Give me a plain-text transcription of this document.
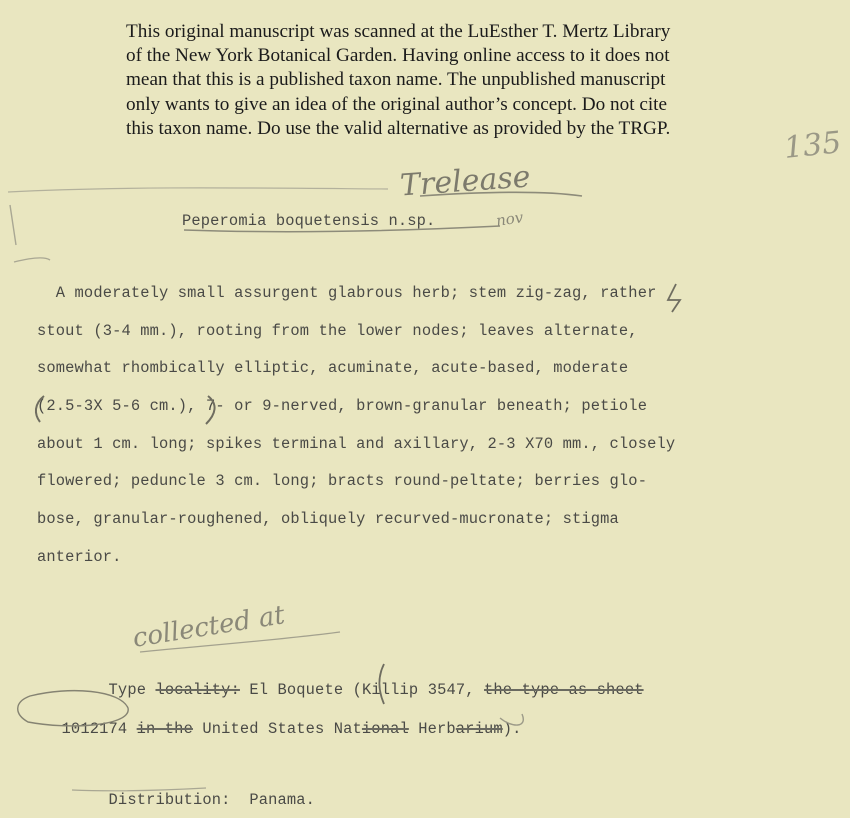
This original manuscript was scanned at the LuEsther T. Mertz Library
of the New York Botanical Garden. Having online access to it does not
mean that this is a published taxon name. The unpublished manuscript
only wants to give an idea of the original author’s concept. Do not cite
this taxon name. Do use the valid alternative as provided by the TRGP.	135
Trelease
nov
Peperomia boquetensis n.sp.
A moderately small assurgent glabrous herb; stem zig-zag, rather
stout (3-4 mm.), rooting from the lower nodes; leaves alternate,
somewhat rhombically elliptic, acuminate, acute-based, moderate
(2.5-3X 5-6 cm.), 7- or 9-nerved, brown-granular beneath; petiole
about 1 cm. long; spikes terminal and axillary, 2-3 X70 mm., closely
flowered; peduncle 3 cm. long; bracts round-peltate; berries glo-
bose, granular-roughened, obliquely recurved-mucronate; stigma
anterior.
collected at

Type locality: El Boquete (Killip 3547, the type as sheet

1012174 in the United States National Herbarium).

Distribution: Panama.
